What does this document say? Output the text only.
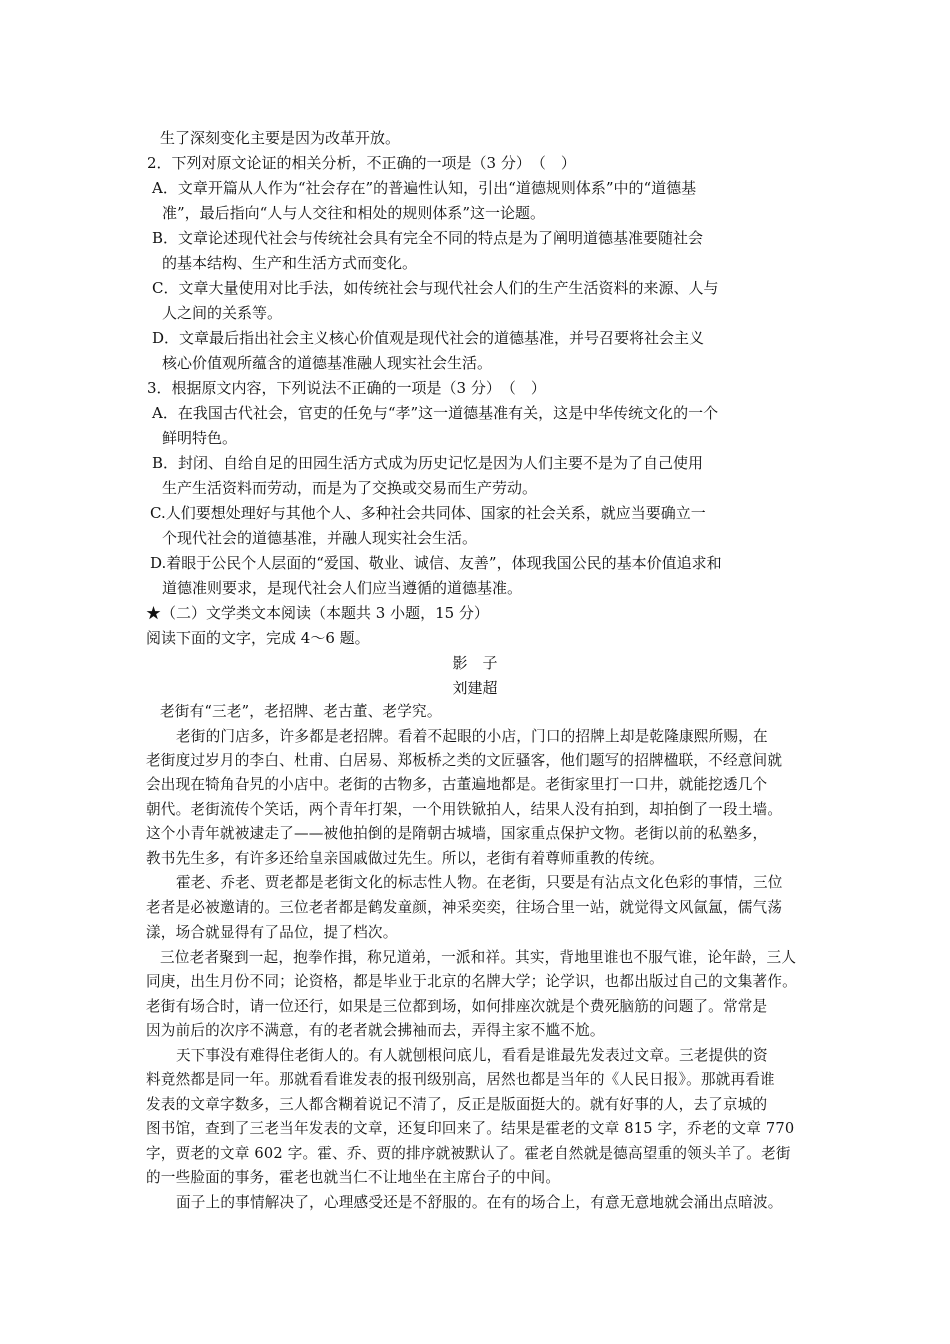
生了深刻变化主要是因为改革开放。

2．下列对原文论证的相关分析，不正确的一项是（3 分）　（　）

A．文章开篇从人作为“社会存在”的普遍性认知，引出“道德规则体系”中的“道德基

准”，最后指向“人与人交往和相处的规则体系”这一论题。

B．文章论述现代社会与传统社会具有完全不同的特点是为了阐明道德基准要随社会

的基本结构、生产和生活方式而变化。

C．文章大量使用对比手法，如传统社会与现代社会人们的生产生活资料的来源、人与

人之间的关系等。

D．文章最后指出社会主义核心价值观是现代社会的道德基准，并号召要将社会主义

核心价值观所蕴含的道德基准融人现实社会生活。

3．根据原文内容，下列说法不正确的一项是（3 分）　（　）

A．在我国古代社会，官吏的任免与“孝”这一道德基准有关，这是中华传统文化的一个

鲜明特色。

B．封闭、自给自足的田园生活方式成为历史记忆是因为人们主要不是为了自己使用

生产生活资料而劳动，而是为了交换或交易而生产劳动。

C.人们要想处理好与其他个人、多种社会共同体、国家的社会关系，就应当要确立一

个现代社会的道德基准，并融人现实社会生活。

D.着眼于公民个人层面的“爱国、敬业、诚信、友善”，体现我国公民的基本价值追求和

道德准则要求，是现代社会人们应当遵循的道德基准。

★（二）文学类文本阅读（本题共 3 小题，15 分）

阅读下面的文字，完成 4～6 题。

影　子

刘建超

老街有“三老”，老招牌、老古董、老学究。

老街的门店多，许多都是老招牌。看着不起眼的小店，门口的招牌上却是乾隆康熙所赐，在

老街度过岁月的李白、杜甫、白居易、郑板桥之类的文匠骚客，他们题写的招牌楹联，不经意间就

会出现在犄角旮旯的小店中。老街的古物多，古董遍地都是。老街家里打一口井，就能挖透几个

朝代。老街流传个笑话，两个青年打架，一个用铁锨拍人，结果人没有拍到，却拍倒了一段土墙。

这个小青年就被逮走了——被他拍倒的是隋朝古城墙，国家重点保护文物。老街以前的私塾多，

教书先生多，有许多还给皇亲国戚做过先生。所以，老街有着尊师重教的传统。

霍老、乔老、贾老都是老街文化的标志性人物。在老街，只要是有沾点文化色彩的事情，三位

老者是必被邀请的。三位老者都是鹤发童颜，神采奕奕，往场合里一站，就觉得文风氤氲，儒气荡

漾，场合就显得有了品位，提了档次。

三位老者聚到一起，抱拳作揖，称兄道弟，一派和祥。其实，背地里谁也不服气谁，论年龄，三人

同庚，出生月份不同；论资格，都是毕业于北京的名牌大学；论学识，也都出版过自己的文集著作。

老街有场合时，请一位还行，如果是三位都到场，如何排座次就是个费死脑筋的问题了。常常是

因为前后的次序不满意，有的老者就会拂袖而去，弄得主家不尴不尬。

天下事没有难得住老街人的。有人就刨根问底儿，看看是谁最先发表过文章。三老提供的资

料竟然都是同一年。那就看看谁发表的报刊级别高，居然也都是当年的《人民日报》。那就再看谁

发表的文章字数多，三人都含糊着说记不清了，反正是版面挺大的。就有好事的人，去了京城的

图书馆，查到了三老当年发表的文章，还复印回来了。结果是霍老的文章 815 字，乔老的文章 770

字，贾老的文章 602 字。霍、乔、贾的排序就被默认了。霍老自然就是德高望重的领头羊了。老街

的一些脸面的事务，霍老也就当仁不让地坐在主席台子的中间。

面子上的事情解决了，心理感受还是不舒服的。在有的场合上，有意无意地就会涌出点暗波。
